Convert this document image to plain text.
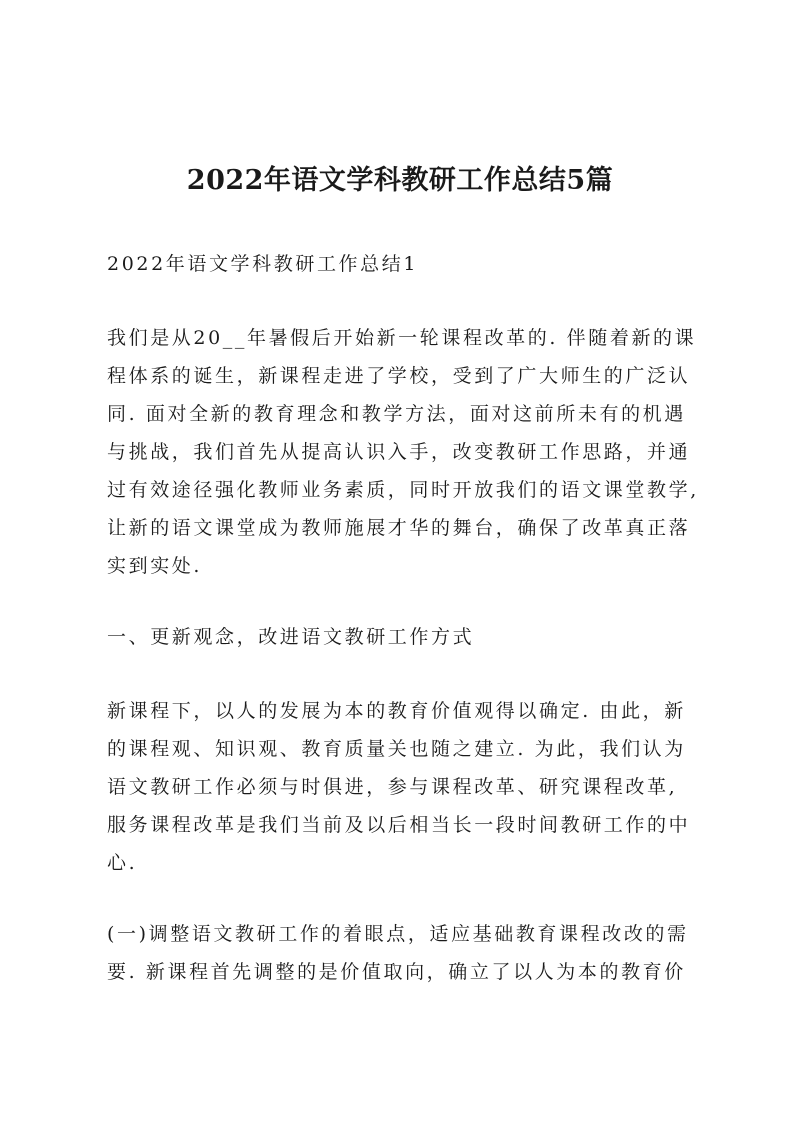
2022年语文学科教研工作总结5篇
2022年语文学科教研工作总结1
我们是从20__年暑假后开始新一轮课程改革的. 伴随着新的课
程体系的诞生，新课程走进了学校，受到了广大师生的广泛认
同. 面对全新的教育理念和教学方法，面对这前所未有的机遇
与挑战，我们首先从提高认识入手，改变教研工作思路，并通
过有效途径强化教师业务素质，同时开放我们的语文课堂教学,
让新的语文课堂成为教师施展才华的舞台，确保了改革真正落
实到实处.
一、更新观念，改进语文教研工作方式
新课程下，以人的发展为本的教育价值观得以确定. 由此，新
的课程观、知识观、教育质量关也随之建立. 为此，我们认为
语文教研工作必须与时俱进，参与课程改革、研究课程改革,
服务课程改革是我们当前及以后相当长一段时间教研工作的中
心.
(一)调整语文教研工作的着眼点，适应基础教育课程改改的需
要. 新课程首先调整的是价值取向，确立了以人为本的教育价
